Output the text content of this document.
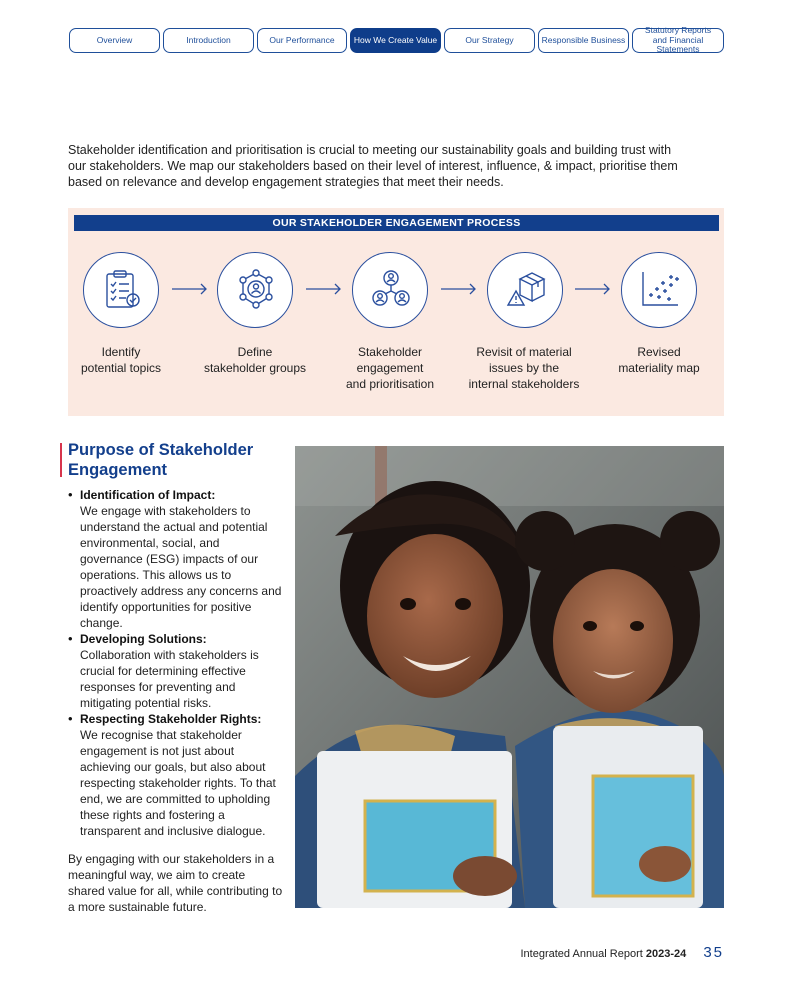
Overview	Introduction	Our Performance	How We Create Value	Our Strategy	Responsible Business
Statutory Reports and Financial Statements

Stakeholder identification and prioritisation is crucial to meeting our sustainability goals and building trust with our stakeholders. We map our stakeholders based on their level of interest, influence, & impact, prioritise them based on relevance and develop engagement strategies that meet their needs.

OUR STAKEHOLDER ENGAGEMENT PROCESS
Identify
potential topics
Define
stakeholder groups
Stakeholder
engagement
and prioritisation
Revisit of material
issues by the
internal stakeholders
Revised
materiality map
Purpose of Stakeholder Engagement
• Identification of Impact:
We engage with stakeholders to understand the actual and potential environmental, social, and governance (ESG) impacts of our operations. This allows us to proactively address any concerns and identify opportunities for positive change.
• Developing Solutions:
Collaboration with stakeholders is crucial for determining effective responses for preventing and mitigating potential risks.
• Respecting Stakeholder Rights:
We recognise that stakeholder engagement is not just about achieving our goals, but also about respecting stakeholder rights. To that end, we are committed to upholding these rights and fostering a transparent and inclusive dialogue.

By engaging with our stakeholders in a meaningful way, we aim to create shared value for all, while contributing to a more sustainable future.

Integrated Annual Report 2023-24 35
